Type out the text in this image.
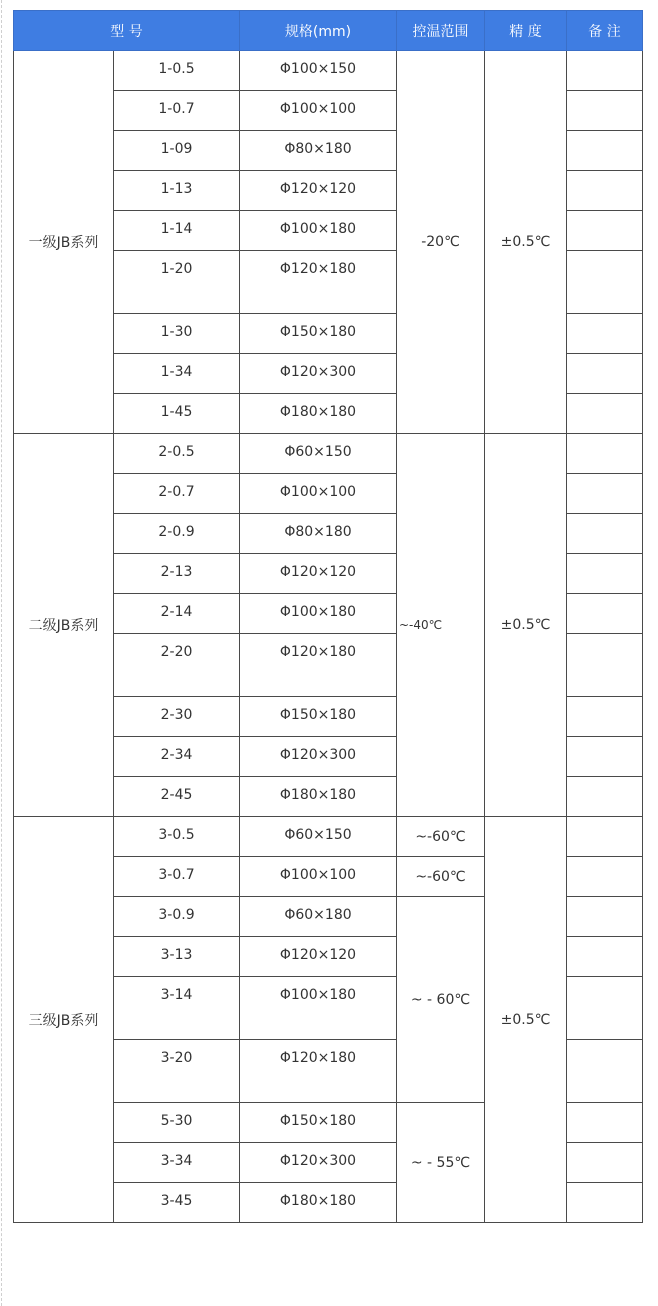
型 号		规格(mm)	控温范围	精 度	备 注
一级JB系列	1-0.5	Φ100×150	-20℃	±0.5℃	
	1-0.7	Φ100×100			
	1-09	Φ80×180			
	1-13	Φ120×120			
	1-14	Φ100×180			
	1-20	Φ120×180			
	1-30	Φ150×180			
	1-34	Φ120×300			
	1-45	Φ180×180			
二级JB系列	2-0.5	Φ60×150	~-40℃	±0.5℃	
	2-0.7	Φ100×100			
	2-0.9	Φ80×180			
	2-13	Φ120×120			
	2-14	Φ100×180			
	2-20	Φ120×180			
	2-30	Φ150×180			
	2-34	Φ120×300			
	2-45	Φ180×180			
三级JB系列	3-0.5	Φ60×150	~-60℃	±0.5℃	
	3-0.7	Φ100×100	~-60℃		
	3-0.9	Φ60×180	~ - 60℃		
	3-13	Φ120×120			
	3-14	Φ100×180			
	3-20	Φ120×180			
	5-30	Φ150×180	~ - 55℃		
	3-34	Φ120×300			
	3-45	Φ180×180			
